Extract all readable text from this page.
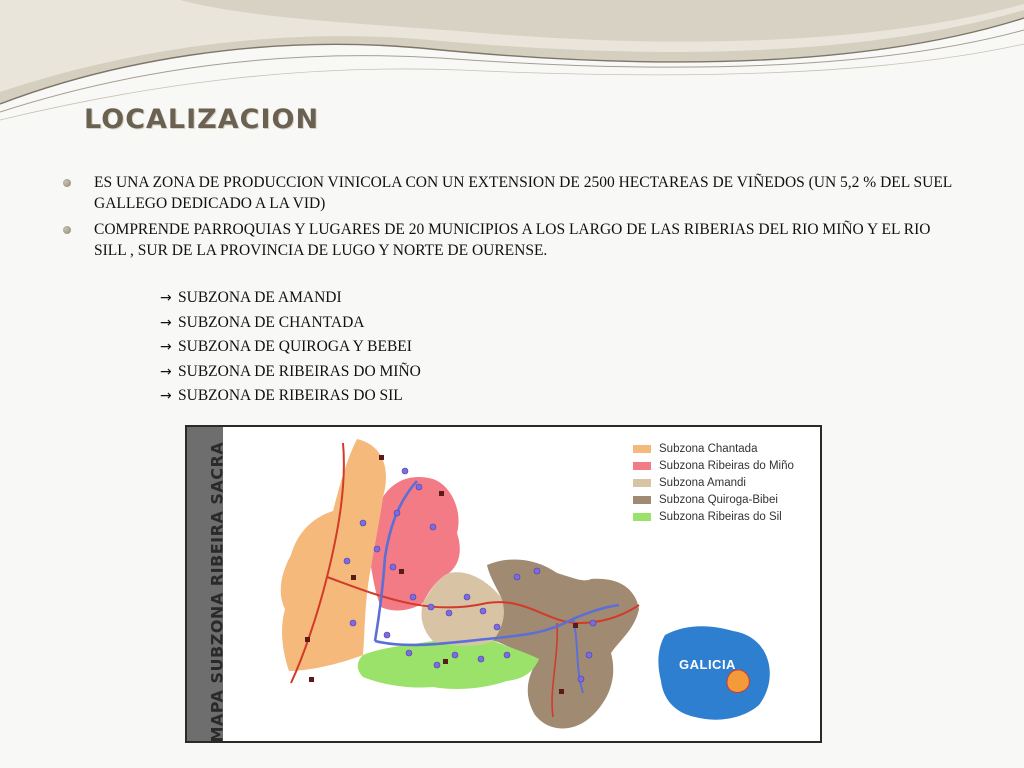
LOCALIZACION
ES UNA ZONA DE PRODUCCION VINICOLA CON UN EXTENSION DE 2500 HECTAREAS DE VIÑEDOS (UN 5,2 % DEL SUEL GALLEGO DEDICADO A LA VID)
COMPRENDE PARROQUIAS Y LUGARES DE 20 MUNICIPIOS A LOS LARGO DE LAS RIBERIAS DEL RIO MIÑO Y EL RIO SILL , SUR DE LA PROVINCIA DE LUGO Y NORTE DE OURENSE.
→ SUBZONA DE AMANDI
→ SUBZONA DE CHANTADA
→ SUBZONA DE QUIROGA Y BEBEI
→ SUBZONA DE RIBEIRAS DO MIÑO
→ SUBZONA DE RIBEIRAS DO SIL
MAPA SUBZONA RIBEIRA SACRA	Subzona Chantada
Subzona Ribeiras do Miño
Subzona Amandi
Subzona Quiroga-Bibei
Subzona Ribeiras do Sil
GALICIA
